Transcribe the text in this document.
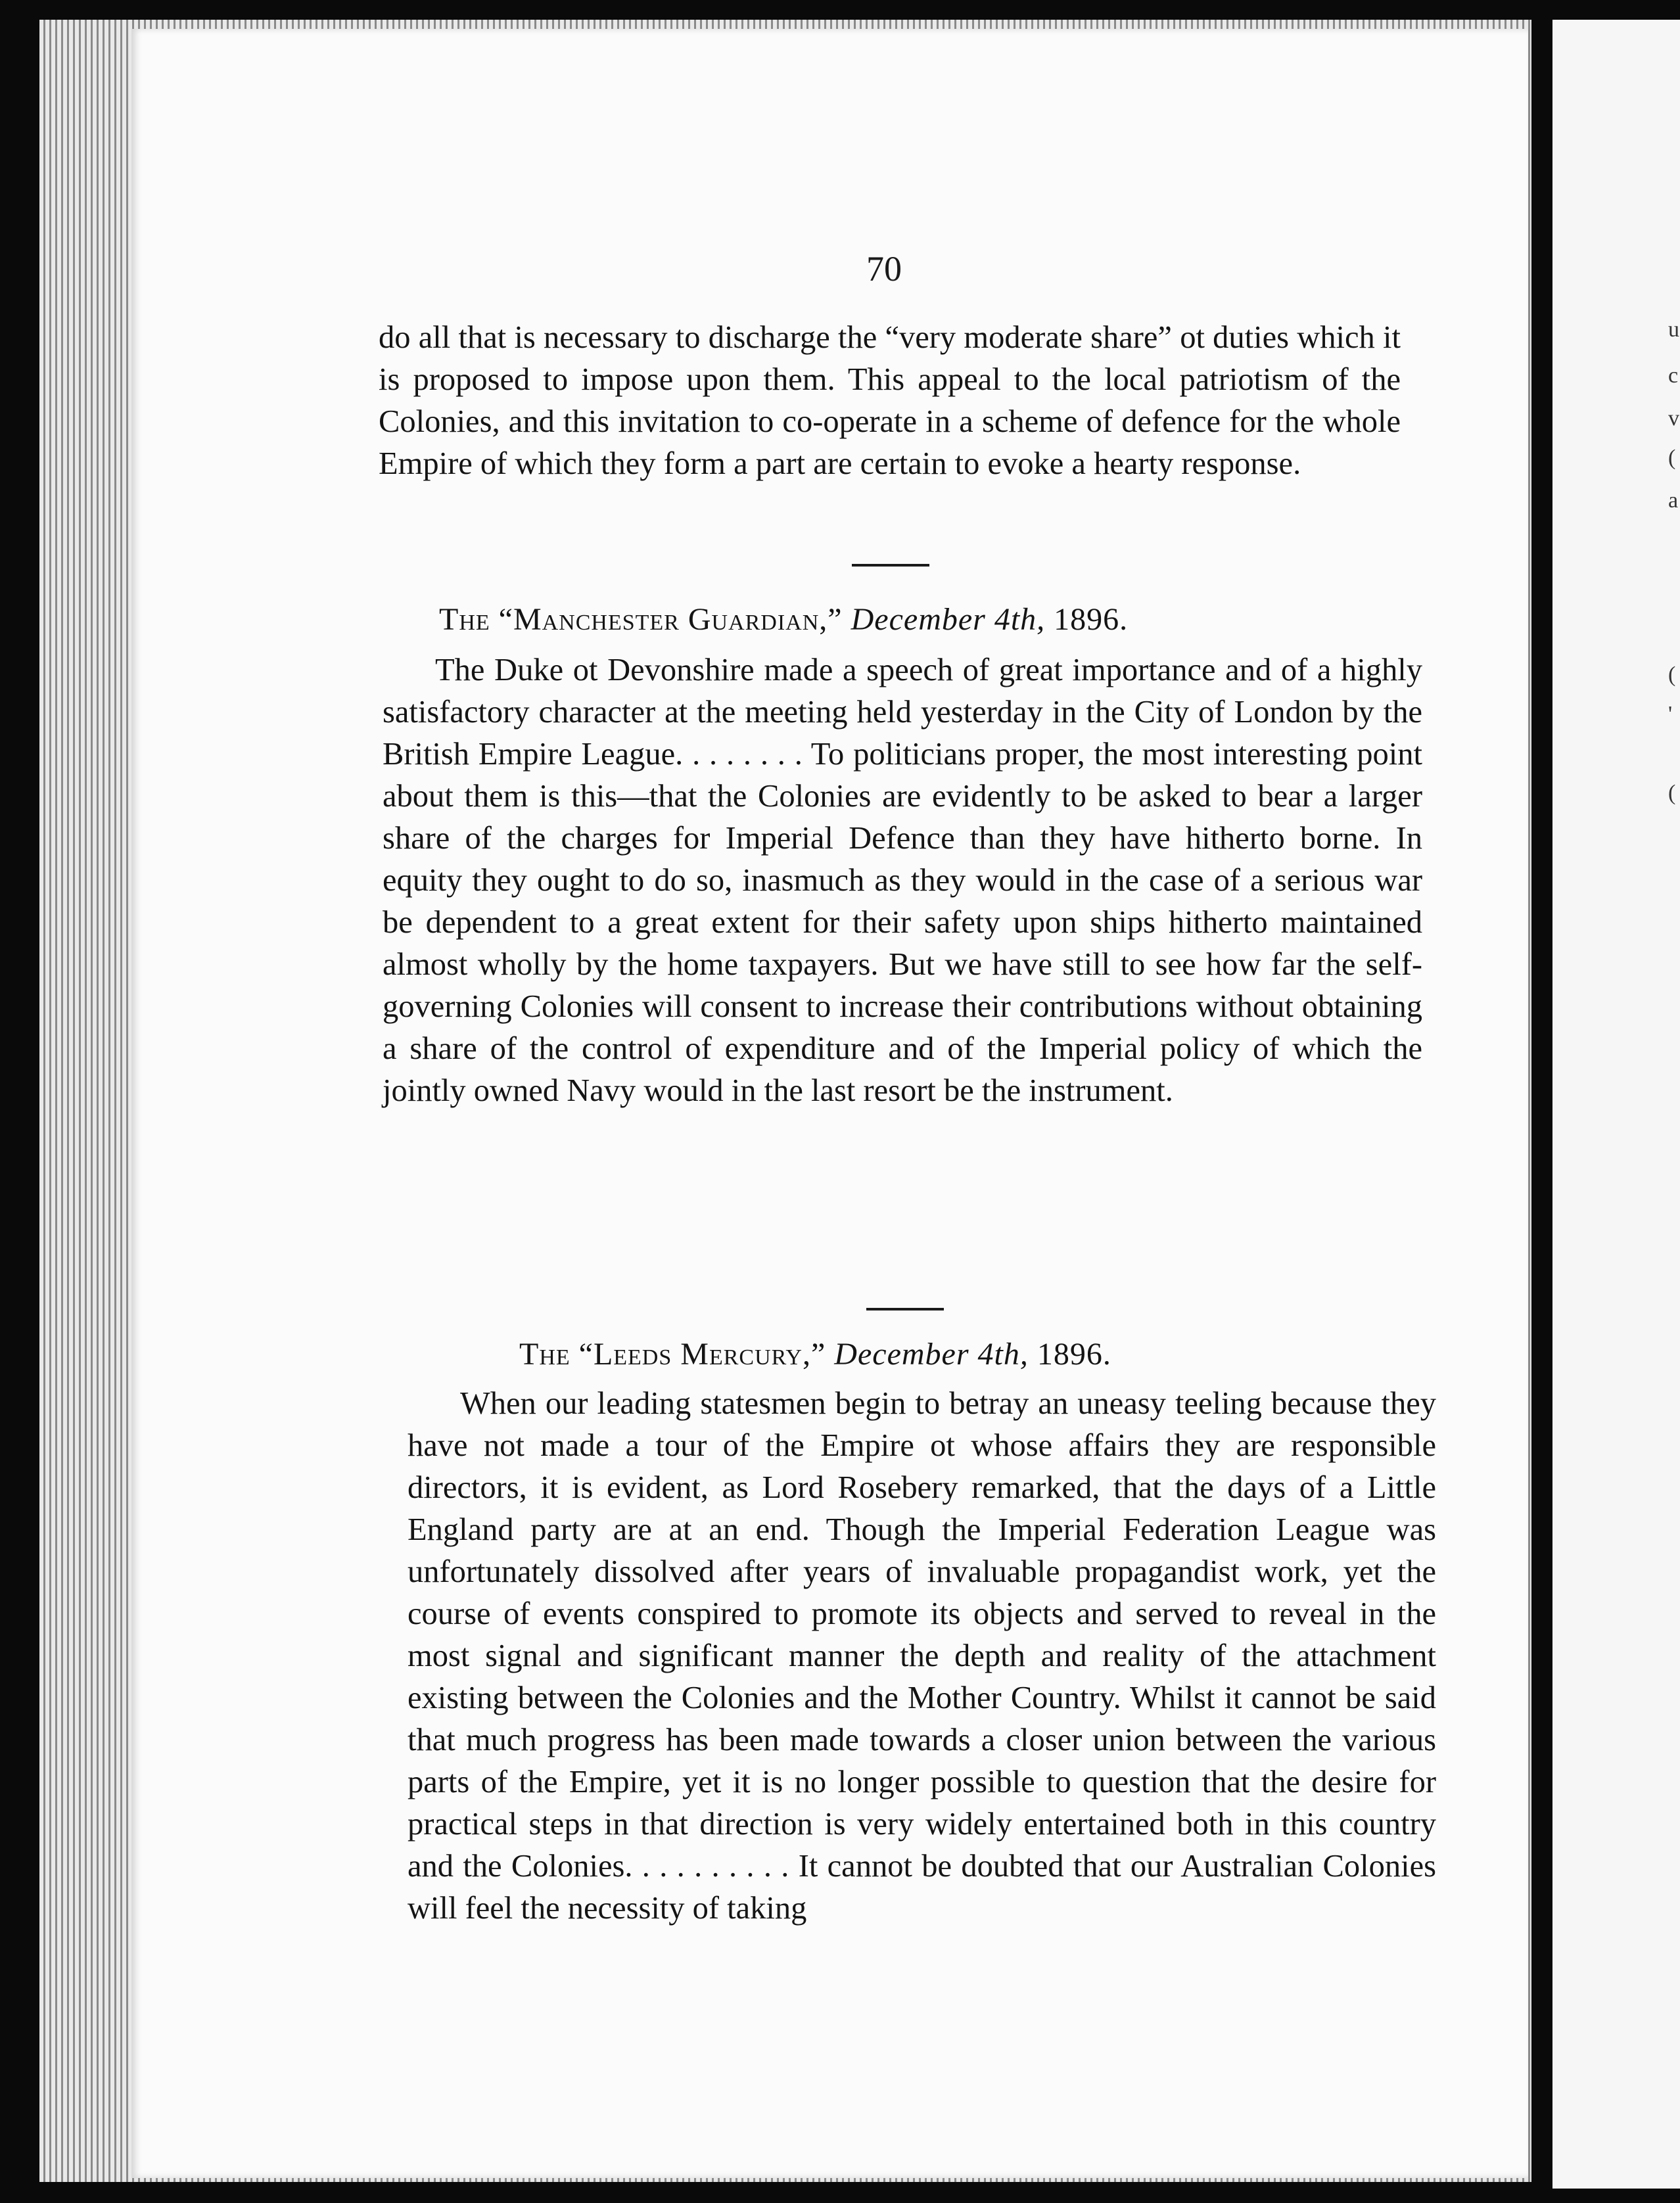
u
c
v
(
a
(
'
(
70
do all that is necessary to discharge the “very moderate share” ot duties which it is proposed to impose upon them. This appeal to the local patriotism of the Colonies, and this invitation to co-operate in a scheme of defence for the whole Empire of which they form a part are certain to evoke a hearty response.
The “Manchester Guardian,” December 4th, 1896.
The Duke ot Devonshire made a speech of great importance and of a highly satisfactory character at the meeting held yesterday in the City of London by the British Empire League. . . . . . . . To politicians proper, the most interesting point about them is this—that the Colonies are evidently to be asked to bear a larger share of the charges for Imperial Defence than they have hitherto borne. In equity they ought to do so, inasmuch as they would in the case of a serious war be dependent to a great extent for their safety upon ships hitherto maintained almost wholly by the home taxpayers. But we have still to see how far the self-governing Colonies will consent to increase their contributions without obtaining a share of the control of expenditure and of the Imperial policy of which the jointly owned Navy would in the last resort be the instrument.
The “Leeds Mercury,” December 4th, 1896.
When our leading statesmen begin to betray an uneasy teeling because they have not made a tour of the Empire ot whose affairs they are responsible directors, it is evident, as Lord Rosebery remarked, that the days of a Little England party are at an end. Though the Imperial Federation League was unfortunately dissolved after years of invaluable propagandist work, yet the course of events conspired to promote its objects and served to reveal in the most signal and significant manner the depth and reality of the attachment existing between the Colonies and the Mother Country. Whilst it cannot be said that much progress has been made towards a closer union between the various parts of the Empire, yet it is no longer possible to question that the desire for practical steps in that direction is very widely entertained both in this country and the Colonies. . . . . . . . . . It cannot be doubted that our Australian Colonies will feel the necessity of taking
